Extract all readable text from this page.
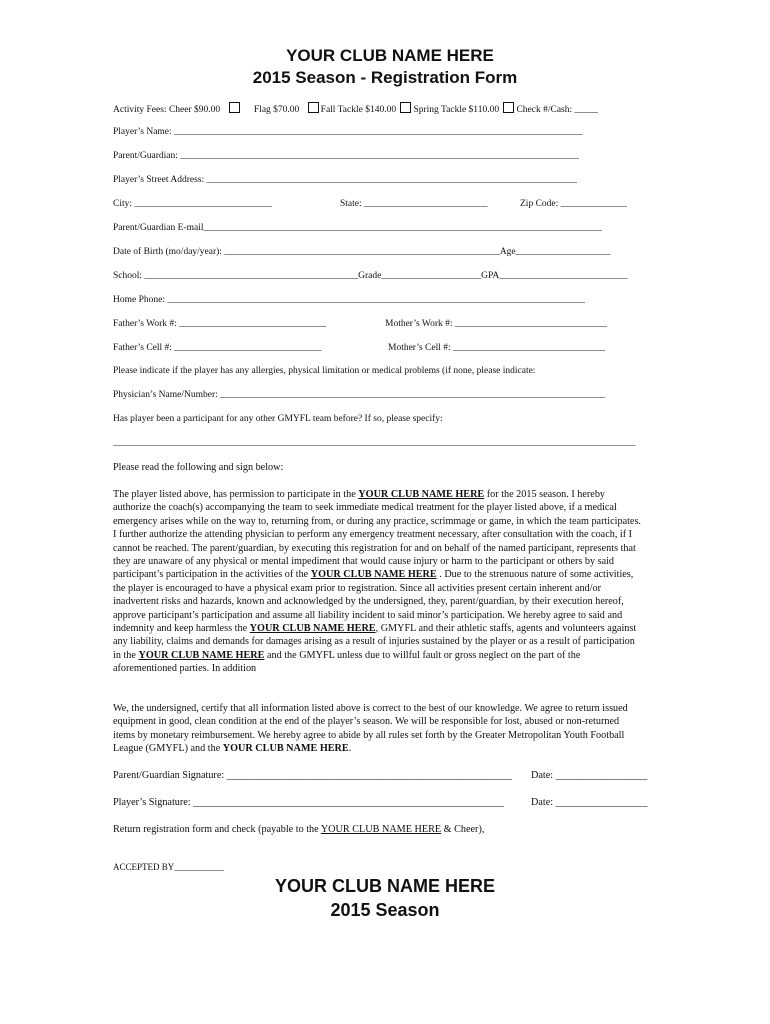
YOUR CLUB NAME HERE
2015 Season - Registration Form
Activity Fees: Cheer $90.00	Flag $70.00 Fall Tackle $140.00 Spring Tackle $110.00 Check #/Cash: _____
Player’s Name: ______________________________________________________________________________________
Parent/Guardian: ____________________________________________________________________________________
Player’s Street Address: ______________________________________________________________________________
City: _____________________________	State: __________________________	Zip Code: ______________
Parent/Guardian E-mail____________________________________________________________________________________
Date of Birth (mo/day/year): __________________________________________________________Age____________________
School: _____________________________________________Grade_____________________GPA___________________________
Home Phone: ________________________________________________________________________________________
Father’s Work #: _______________________________	Mother’s Work #: ________________________________
Father’s Cell #: _______________________________	Mother’s Cell #: ________________________________
Please indicate if the player has any allergies, physical limitation or medical problems (if none, please indicate:
Physician’s Name/Number: _________________________________________________________________________________
Has player been a participant for any other GMYFL team before? If so, please specify:
______________________________________________________________________________________________________________
Please read the following and sign below:
The player listed above, has permission to participate in the YOUR CLUB NAME HERE for the 2015 season. I hereby authorize the coach(s) accompanying the team to seek immediate medical treatment for the player listed above, if a medical emergency arises while on the way to, returning from, or during any practice, scrimmage or game, in which the team participates. I further authorize the attending physician to perform any emergency treatment necessary, after consultation with the coach, if I cannot be reached. The parent/guardian, by executing this registration for and on behalf of the named participant, represents that they are unaware of any physical or mental impediment that would cause injury or harm to the participant or others by said participant’s participation in the activities of the YOUR CLUB NAME HERE . Due to the strenuous nature of some activities, the player is encouraged to have a physical exam prior to registration. Since all activities present certain inherent and/or inadvertent risks and hazards, known and acknowledged by the undersigned, they, parent/guardian, by their execution hereof, approve participant’s participation and assume all liability incident to said minor’s participation. We hereby agree to said and indemnity and keep harmless the YOUR CLUB NAME HERE, GMYFL and their athletic staffs, agents and volunteers against any liability, claims and demands for damages arising as a result of injuries sustained by the player or as a result of participation in the YOUR CLUB NAME HERE and the GMYFL unless due to willful fault or gross neglect on the part of the aforementioned parties. In addition
We, the undersigned, certify that all information listed above is correct to the best of our knowledge. We agree to return issued equipment in good, clean condition at the end of the player’s season. We will be responsible for lost, abused or non-returned items by monetary reimbursement. We hereby agree to abide by all rules set forth by the Greater Metropolitan Youth Football League (GMYFL) and the YOUR CLUB NAME HERE.
Parent/Guardian Signature: ________________________________________________________ Date: __________________
Player’s Signature: _____________________________________________________________	Date: __________________
Return registration form and check (payable to the YOUR CLUB NAME HERE & Cheer),
ACCEPTED BY___________
YOUR CLUB NAME HERE
2015 Season
